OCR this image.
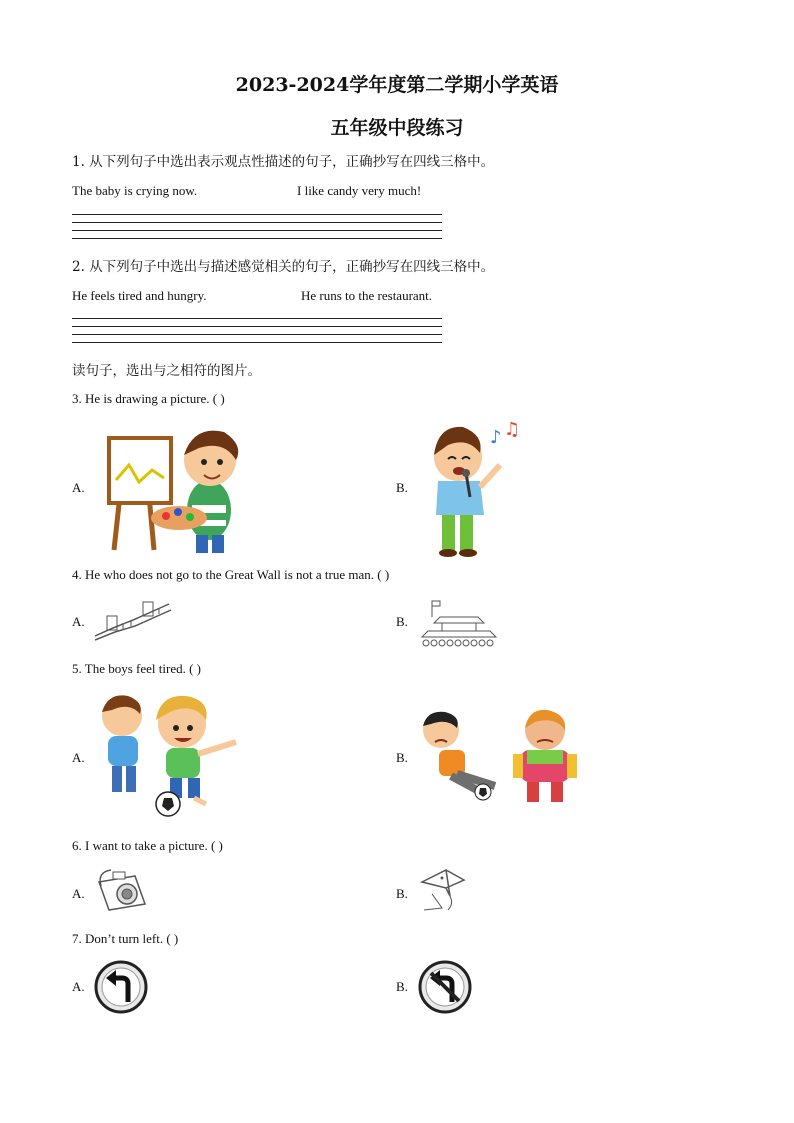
2023-2024学年度第二学期小学英语
五年级中段练习
1. 从下列句子中选出表示观点性描述的句子，正确抄写在四线三格中。
The baby is crying now.	I like candy very much!
2. 从下列句子中选出与描述感觉相关的句子，正确抄写在四线三格中。
He feels tired and hungry.	He runs to the restaurant.
读句子，选出与之相符的图片。
3. He is drawing a picture. ( )
A.	B.
♪ ♫
4. He who does not go to the Great Wall is not a true man. ( )
A.	B.
5. The boys feel tired. ( )
A.	B.
6. I want to take a picture. ( )
A.	B.
7. Don’t turn left. ( )
A.	B.
